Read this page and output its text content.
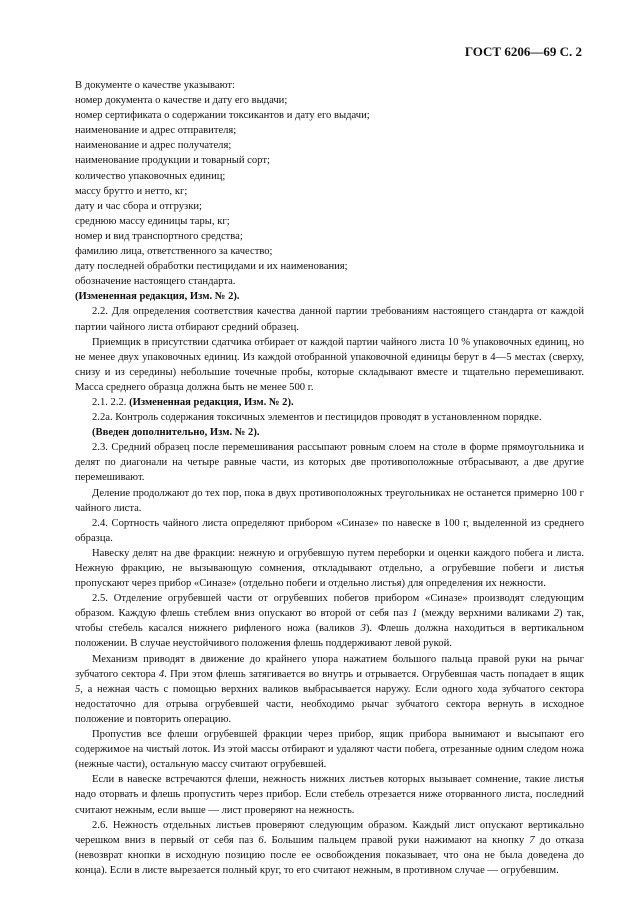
ГОСТ 6206—69 С. 2

В документе о качестве указывают:

номер документа о качестве и дату его выдачи;

номер сертификата о содержании токсикантов и дату его выдачи;

наименование и адрес отправителя;

наименование и адрес получателя;

наименование продукции и товарный сорт;

количество упаковочных единиц;

массу брутто и нетто, кг;

дату и час сбора и отгрузки;

среднюю массу единицы тары, кг;

номер и вид транспортного средства;

фамилию лица, ответственного за качество;

дату последней обработки пестицидами и их наименования;

обозначение настоящего стандарта.

(Измененная редакция, Изм. № 2).

2.2. Для определения соответствия качества данной партии требованиям настоящего стандарта от каждой партии чайного листа отбирают средний образец.

Приемщик в присутствии сдатчика отбирает от каждой партии чайного листа 10 % упаковочных единиц, но не менее двух упаковочных единиц. Из каждой отобранной упаковочной единицы берут в 4—5 местах (сверху, снизу и из середины) небольшие точечные пробы, которые складывают вместе и тщательно перемешивают. Масса среднего образца должна быть не менее 500 г.

2.1. 2.2. (Измененная редакция, Изм. № 2).

2.2а. Контроль содержания токсичных элементов и пестицидов проводят в установленном порядке.

(Введен дополнительно, Изм. № 2).

2.3. Средний образец после перемешивания рассыпают ровным слоем на столе в форме прямоугольника и делят по диагонали на четыре равные части, из которых две противоположные отбрасывают, а две другие перемешивают.

Деление продолжают до тех пор, пока в двух противоположных треугольниках не останется примерно 100 г чайного листа.

2.4. Сортность чайного листа определяют прибором «Синазе» по навеске в 100 г, выделенной из среднего образца.

Навеску делят на две фракции: нежную и огрубевшую путем переборки и оценки каждого побега и листа. Нежную фракцию, не вызывающую сомнения, откладывают отдельно, а огрубевшие побеги и листья пропускают через прибор «Синазе» (отдельно побеги и отдельно листья) для определения их нежности.

2.5. Отделение огрубевшей части от огрубевших побегов прибором «Синазе» производят следующим образом. Каждую флешь стеблем вниз опускают во второй от себя паз 1 (между верхними валиками 2) так, чтобы стебель касался нижнего рифленого ножа (валиков 3). Флешь должна находиться в вертикальном положении. В случае неустойчивого положения флешь поддерживают левой рукой.

Механизм приводят в движение до крайнего упора нажатием большого пальца правой руки на рычаг зубчатого сектора 4. При этом флешь затягивается во внутрь и отрывается. Огрубевшая часть попадает в ящик 5, а нежная часть с помощью верхних валиков выбрасывается наружу. Если одного хода зубчатого сектора недостаточно для отрыва огрубевшей части, необходимо рычаг зубчатого сектора вернуть в исходное положение и повторить операцию.

Пропустив все флеши огрубевшей фракции через прибор, ящик прибора вынимают и высыпают его содержимое на чистый лоток. Из этой массы отбирают и удаляют части побега, отрезанные одним следом ножа (нежные части), остальную массу считают огрубевшей.

Если в навеске встречаются флеши, нежность нижних листьев которых вызывает сомнение, такие листья надо оторвать и флешь пропустить через прибор. Если стебель отрезается ниже оторванного листа, последний считают нежным, если выше — лист проверяют на нежность.

2.6. Нежность отдельных листьев проверяют следующим образом. Каждый лист опускают вертикально черешком вниз в первый от себя паз 6. Большим пальцем правой руки нажимают на кнопку 7 до отказа (невозврат кнопки в исходную позицию после ее освобождения показывает, что она не была доведена до конца). Если в листе вырезается полный круг, то его считают нежным, в противном случае — огрубевшим.
